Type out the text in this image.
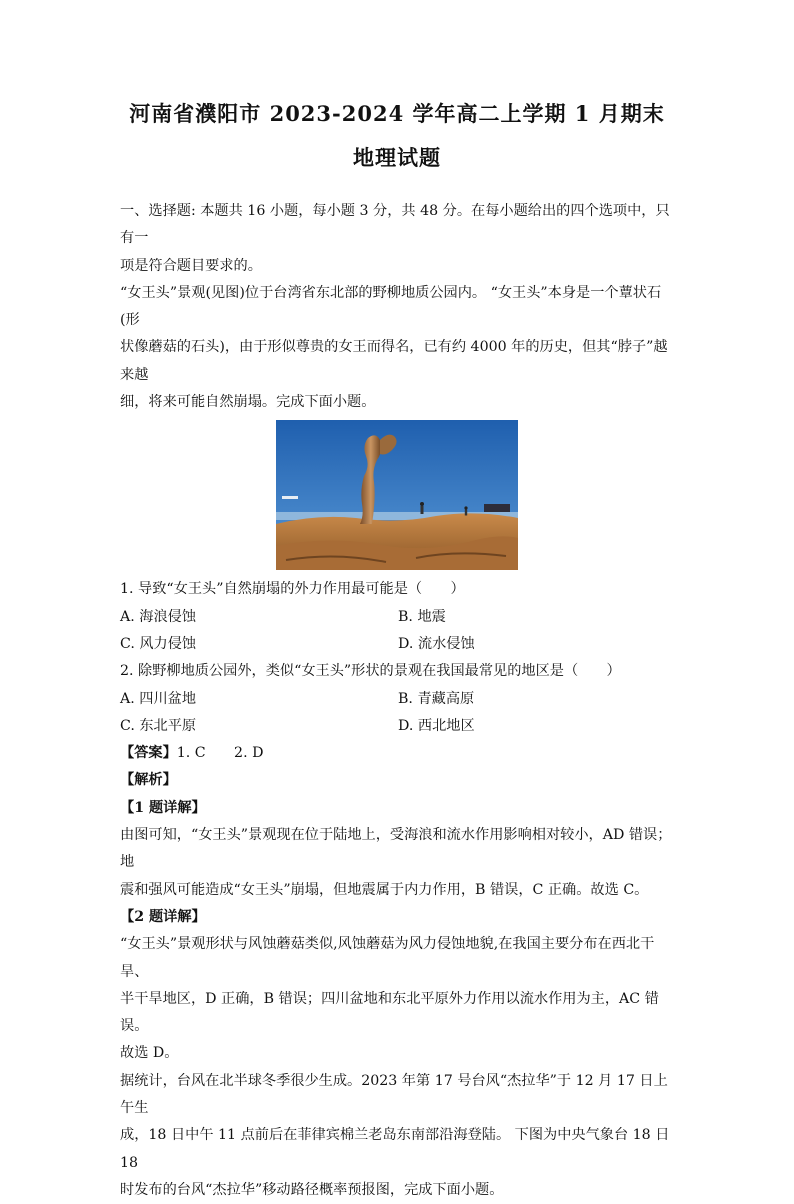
河南省濮阳市 2023-2024 学年高二上学期 1 月期末
地理试题

一、选择题: 本题共 16 小题，每小题 3 分，共 48 分。在每小题给出的四个选项中，只有一

项是符合题目要求的。

“女王头”景观(见图)位于台湾省东北部的野柳地质公园内。 “女王头”本身是一个蕈状石(形

状像蘑菇的石头)，由于形似尊贵的女王而得名，已有约 4000 年的历史，但其“脖子”越来越

细，将来可能自然崩塌。完成下面小题。

1. 导致“女王头”自然崩塌的外力作用最可能是（　　）

A. 海浪侵蚀	B. 地震
C. 风力侵蚀	D. 流水侵蚀

2. 除野柳地质公园外，类似“女王头”形状的景观在我国最常见的地区是（　　）

A. 四川盆地	B. 青藏高原
C. 东北平原	D. 西北地区

【答案】1. C　　2. D

【解析】

【1 题详解】

由图可知，“女王头”景观现在位于陆地上，受海浪和流水作用影响相对较小，AD 错误；地

震和强风可能造成“女王头”崩塌，但地震属于内力作用，B 错误，C 正确。故选 C。

【2 题详解】

“女王头”景观形状与风蚀蘑菇类似,风蚀蘑菇为风力侵蚀地貌,在我国主要分布在西北干旱、

半干旱地区，D 正确，B 错误；四川盆地和东北平原外力作用以流水作用为主，AC 错误。

故选 D。

据统计，台风在北半球冬季很少生成。2023 年第 17 号台风“杰拉华”于 12 月 17 日上午生

成，18 日中午 11 点前后在菲律宾棉兰老岛东南部沿海登陆。 下图为中央气象台 18 日 18

时发布的台风“杰拉华”移动路径概率预报图，完成下面小题。
